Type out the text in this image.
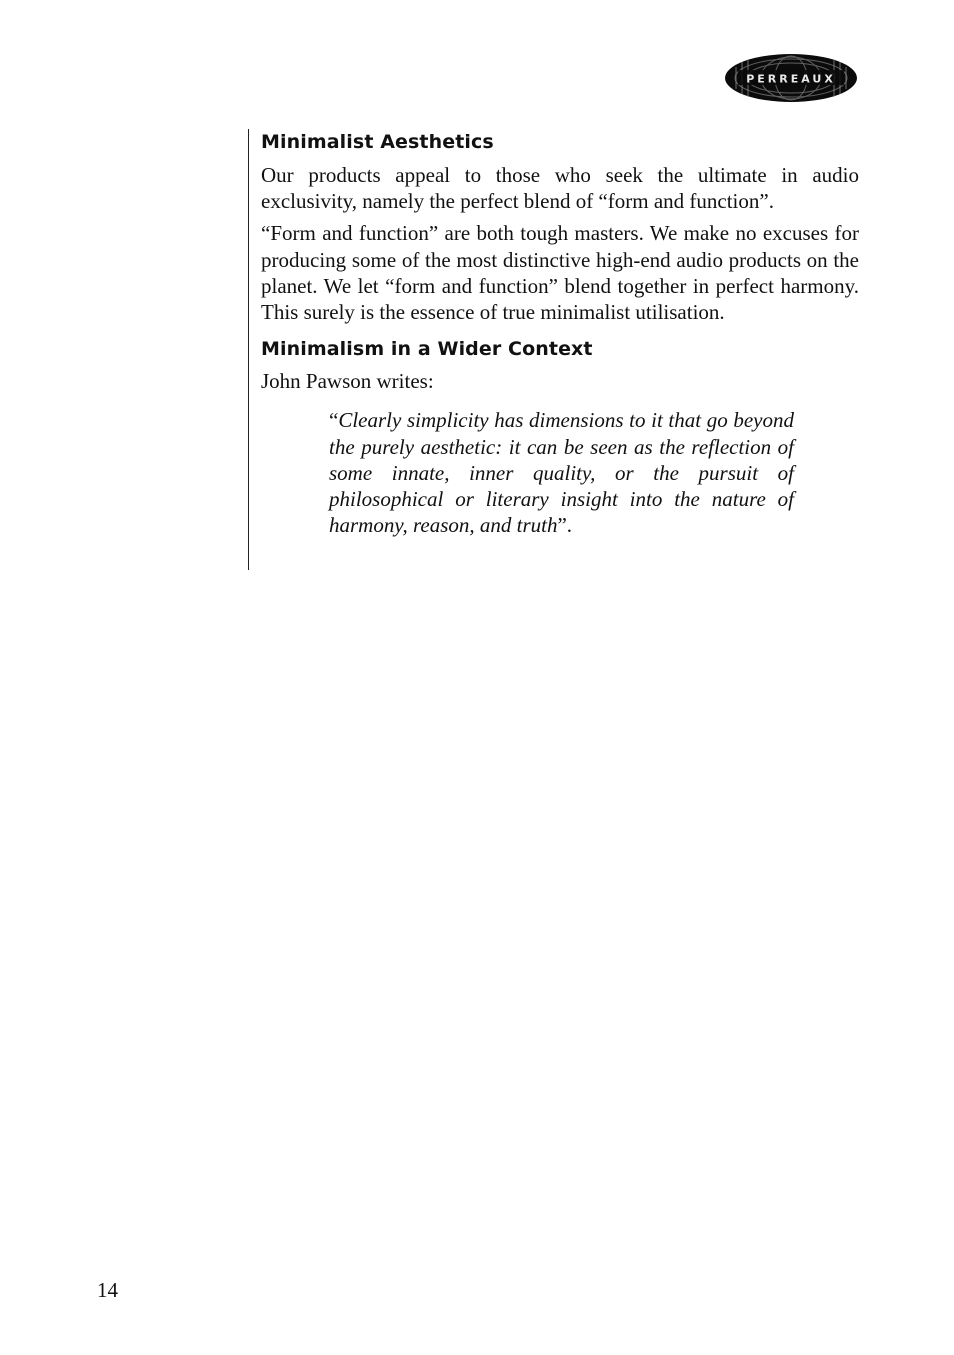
PERREAUX
Minimalist Aesthetics

Our products appeal to those who seek the ultimate in audio exclusivity, namely the perfect blend of “form and function”.

“Form and function” are both tough masters. We make no excuses for producing some of the most distinctive high-end audio products on the planet. We let “form and function” blend together in perfect harmony. This surely is the essence of true minimalist utilisation.

Minimalism in a Wider Context

John Pawson writes:

“Clearly simplicity has dimensions to it that go beyond the purely aesthetic: it can be seen as the reflection of some innate, inner quality, or the pursuit of philosophical or literary insight into the nature of harmony, reason, and truth”.
14
